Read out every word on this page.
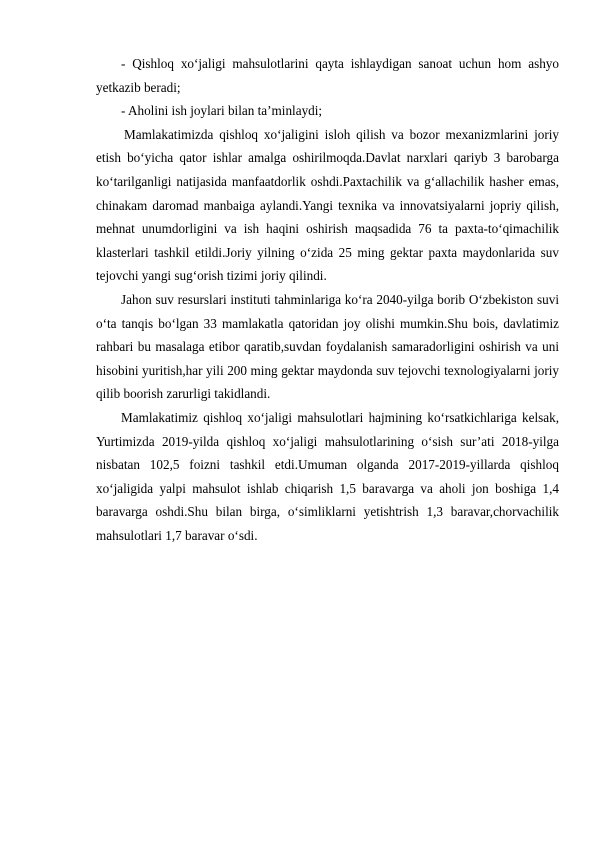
- Qishloq xo‘jaligi mahsulotlarini qayta ishlaydigan sanoat uchun hom ashyo yetkazib beradi;

- Aholini ish joylari bilan ta’minlaydi;

Mamlakatimizda qishloq xo‘jaligini isloh qilish va bozor mexanizmlarini joriy etish bo‘yicha qator ishlar amalga oshirilmoqda.Davlat narxlari qariyb 3 barobarga ko‘tarilganligi natijasida manfaatdorlik oshdi.Paxtachilik va g‘allachilik hasher emas, chinakam daromad manbaiga aylandi.Yangi texnika va innovatsiyalarni jopriy qilish, mehnat unumdorligini va ish haqini oshirish maqsadida 76 ta paxta-to‘qimachilik klasterlari tashkil etildi.Joriy yilning o‘zida 25 ming gektar paxta maydonlarida suv tejovchi yangi sug‘orish tizimi joriy qilindi.

Jahon suv resurslari instituti tahminlariga ko‘ra 2040-yilga borib O‘zbekiston suvi o‘ta tanqis bo‘lgan 33 mamlakatla qatoridan joy olishi mumkin.Shu bois, davlatimiz rahbari bu masalaga etibor qaratib,suvdan foydalanish samaradorligini oshirish va uni hisobini yuritish,har yili 200 ming gektar maydonda suv tejovchi texnologiyalarni joriy qilib boorish zarurligi takidlandi.

Mamlakatimiz qishloq xo‘jaligi mahsulotlari hajmining ko‘rsatkichlariga kelsak, Yurtimizda 2019-yilda qishloq xo‘jaligi mahsulotlarining o‘sish sur’ati 2018-yilga nisbatan 102,5 foizni tashkil etdi.Umuman olganda 2017-2019-yillarda qishloq xo‘jaligida yalpi mahsulot ishlab chiqarish 1,5 baravarga va aholi jon boshiga 1,4 baravarga oshdi.Shu bilan birga, o‘simliklarni yetishtrish 1,3 baravar,chorvachilik mahsulotlari 1,7 baravar o‘sdi.
